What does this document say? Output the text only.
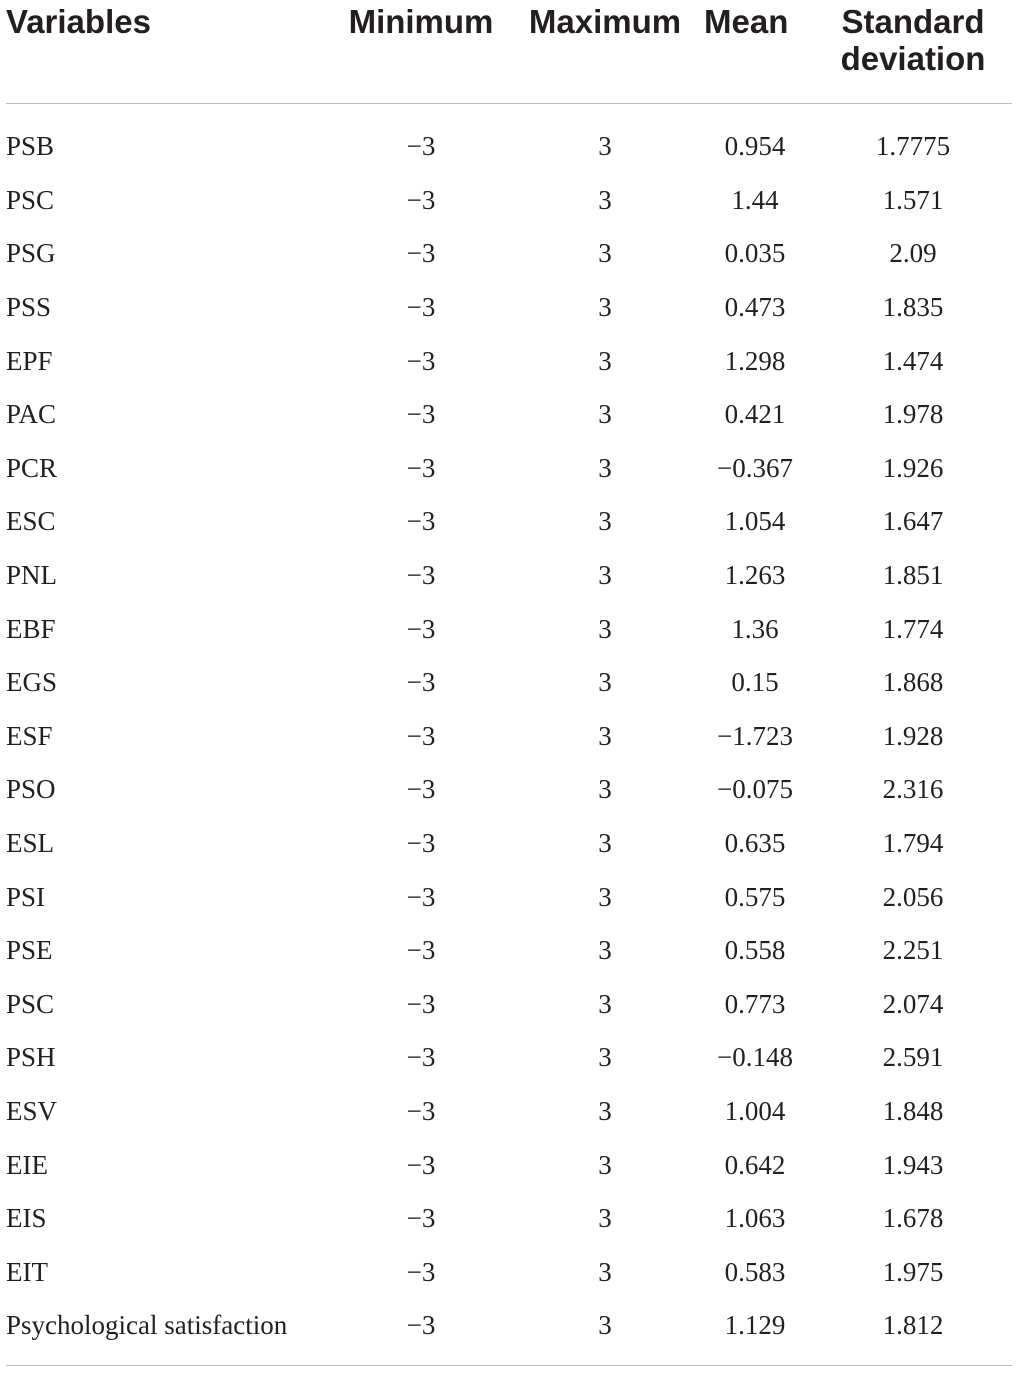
Variables	Minimum	Maximum	Mean	Standard
deviation
PSB	−3	3	0.954	1.7775
PSC	−3	3	1.44	1.571
PSG	−3	3	0.035	2.09
PSS	−3	3	0.473	1.835
EPF	−3	3	1.298	1.474
PAC	−3	3	0.421	1.978
PCR	−3	3	−0.367	1.926
ESC	−3	3	1.054	1.647
PNL	−3	3	1.263	1.851
EBF	−3	3	1.36	1.774
EGS	−3	3	0.15	1.868
ESF	−3	3	−1.723	1.928
PSO	−3	3	−0.075	2.316
ESL	−3	3	0.635	1.794
PSI	−3	3	0.575	2.056
PSE	−3	3	0.558	2.251
PSC	−3	3	0.773	2.074
PSH	−3	3	−0.148	2.591
ESV	−3	3	1.004	1.848
EIE	−3	3	0.642	1.943
EIS	−3	3	1.063	1.678
EIT	−3	3	0.583	1.975
Psychological satisfaction	−3	3	1.129	1.812
